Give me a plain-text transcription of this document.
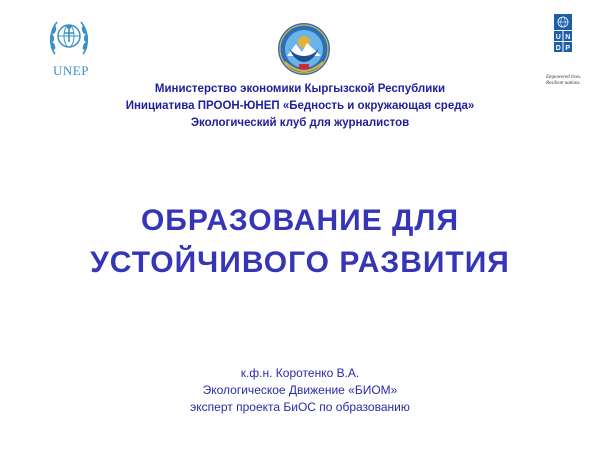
UNEP
U N
D P
Empowered lives.
Resilient nations.
Министерство экономики Кыргызской Республики
Инициатива ПРООН-ЮНЕП «Бедность и окружающая среда»
Экологический клуб для журналистов
ОБРАЗОВАНИЕ ДЛЯ
УСТОЙЧИВОГО РАЗВИТИЯ
к.ф.н. Коротенко В.А.
Экологическое Движение «БИОМ»
эксперт проекта БиОС по образованию
